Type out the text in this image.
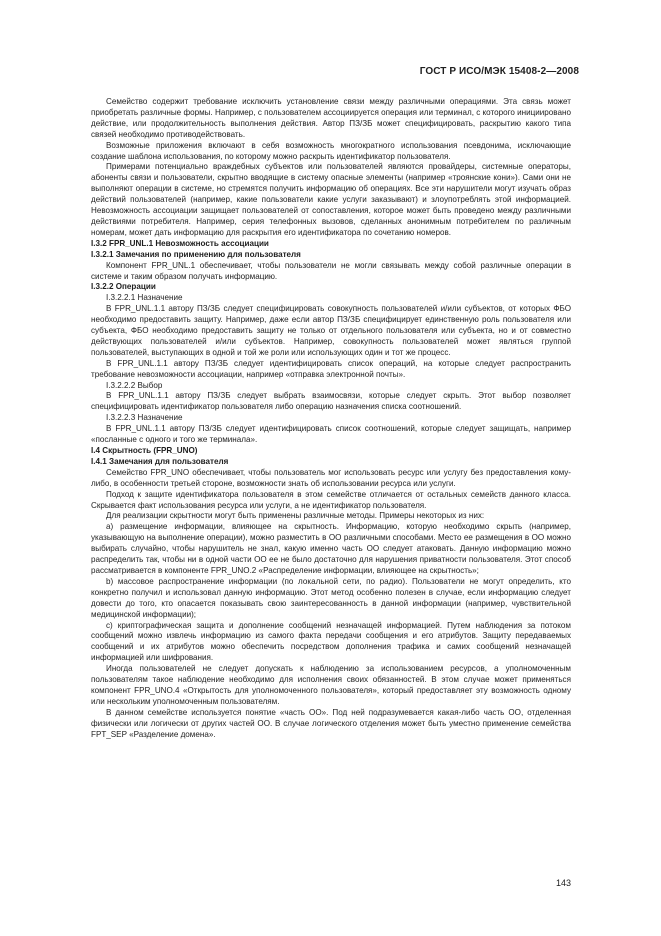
ГОСТ Р ИСО/МЭК 15408-2—2008

Семейство содержит требование исключить установление связи между различными операциями. Эта связь может приобретать различные формы. Например, с пользователем ассоциируется операция или терминал, с которого инициировано действие, или продолжительность выполнения действия. Автор ПЗ/ЗБ может специфицировать, раскрытию какого типа связей необходимо противодействовать.

Возможные приложения включают в себя возможность многократного использования псевдонима, исключающие создание шаблона использования, по которому можно раскрыть идентификатор пользователя.

Примерами потенциально враждебных субъектов или пользователей являются провайдеры, системные операторы, абоненты связи и пользователи, скрытно вводящие в систему опасные элементы (например «троянские кони»). Сами они не выполняют операции в системе, но стремятся получить информацию об операциях. Все эти нарушители могут изучать образ действий пользователей (например, какие пользователи какие услуги заказывают) и злоупотреблять этой информацией. Невозможность ассоциации защищает пользователей от сопоставления, которое может быть проведено между различными действиями потребителя. Например, серия телефонных вызовов, сделанных анонимным потребителем по различным номерам, может дать информацию для раскрытия его идентификатора по сочетанию номеров.

I.3.2 FPR_UNL.1 Невозможность ассоциации

I.3.2.1 Замечания по применению для пользователя

Компонент FPR_UNL.1 обеспечивает, чтобы пользователи не могли связывать между собой различные операции в системе и таким образом получать информацию.

I.3.2.2 Операции

I.3.2.2.1 Назначение

В FPR_UNL.1.1 автору ПЗ/ЗБ следует специфицировать совокупность пользователей и/или субъектов, от которых ФБО необходимо предоставить защиту. Например, даже если автор ПЗ/ЗБ специфицирует единственную роль пользователя или субъекта, ФБО необходимо предоставить защиту не только от отдельного пользователя или субъекта, но и от совместно действующих пользователей и/или субъектов. Например, совокупность пользователей может являться группой пользователей, выступающих в одной и той же роли или использующих один и тот же процесс.

В FPR_UNL.1.1 автору ПЗ/ЗБ следует идентифицировать список операций, на которые следует распространить требование невозможности ассоциации, например «отправка электронной почты».

I.3.2.2.2 Выбор

В FPR_UNL.1.1 автору ПЗ/ЗБ следует выбрать взаимосвязи, которые следует скрыть. Этот выбор позволяет специфицировать идентификатор пользователя либо операцию назначения списка соотношений.

I.3.2.2.3 Назначение

В FPR_UNL.1.1 автору ПЗ/ЗБ следует идентифицировать список соотношений, которые следует защищать, например «посланные с одного и того же терминала».

I.4 Скрытность (FPR_UNO)

I.4.1 Замечания для пользователя

Семейство FPR_UNO обеспечивает, чтобы пользователь мог использовать ресурс или услугу без предоставления кому-либо, в особенности третьей стороне, возможности знать об использовании ресурса или услуги.

Подход к защите идентификатора пользователя в этом семействе отличается от остальных семейств данного класса. Скрывается факт использования ресурса или услуги, а не идентификатор пользователя.

Для реализации скрытности могут быть применены различные методы. Примеры некоторых из них:

а) размещение информации, влияющее на скрытность. Информацию, которую необходимо скрыть (например, указывающую на выполнение операции), можно разместить в ОО различными способами. Место ее размещения в ОО можно выбирать случайно, чтобы нарушитель не знал, какую именно часть ОО следует атаковать. Данную информацию можно распределить так, чтобы ни в одной части ОО ее не было достаточно для нарушения приватности пользователя. Этот способ рассматривается в компоненте FPR_UNO.2 «Распределение информации, влияющее на скрытность»;

b) массовое распространение информации (по локальной сети, по радио). Пользователи не могут определить, кто конкретно получил и использовал данную информацию. Этот метод особенно полезен в случае, если информацию следует довести до того, кто опасается показывать свою заинтересованность в данной информации (например, чувствительной медицинской информации);

с) криптографическая защита и дополнение сообщений незначащей информацией. Путем наблюдения за потоком сообщений можно извлечь информацию из самого факта передачи сообщения и его атрибутов. Защиту передаваемых сообщений и их атрибутов можно обеспечить посредством дополнения трафика и самих сообщений незначащей информацией или шифрования.

Иногда пользователей не следует допускать к наблюдению за использованием ресурсов, а уполномоченным пользователям такое наблюдение необходимо для исполнения своих обязанностей. В этом случае может применяться компонент FPR_UNO.4 «Открытость для уполномоченного пользователя», который предоставляет эту возможность одному или нескольким уполномоченным пользователям.

В данном семействе используется понятие «часть ОО». Под ней подразумевается какая-либо часть ОО, отделенная физически или логически от других частей ОО. В случае логического отделения может быть уместно применение семейства FPT_SEP «Разделение домена».

143
